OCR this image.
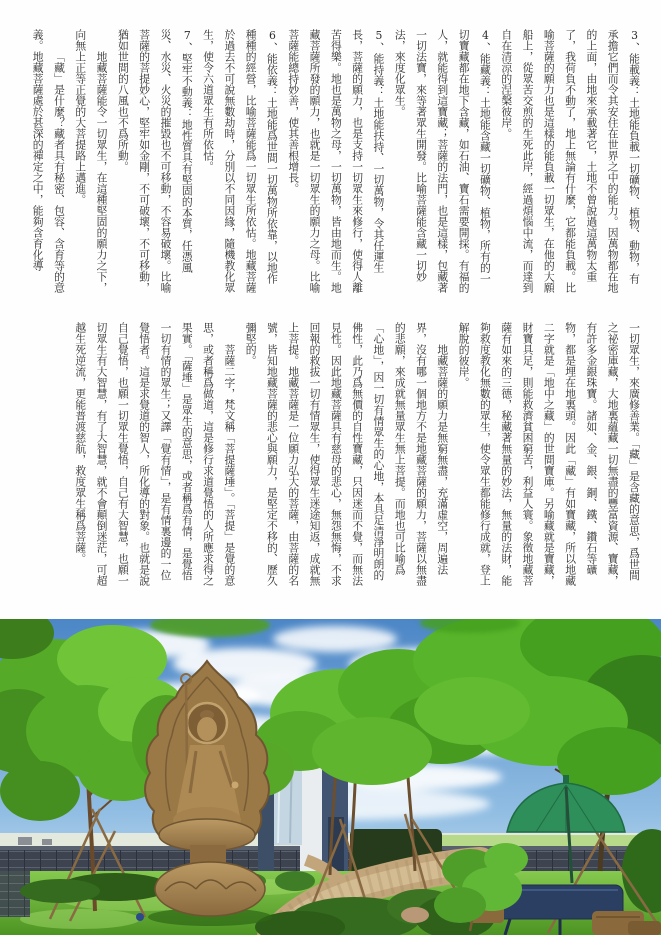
3、能載義：土地能負載一切礦物、植物、動物，有承擔它們而令其安住在世界之中的能力。因萬物都在地的上面，由地來承載著它，土地不曾說過這萬物太重了，我荷負不動了，地上無論有什麼，它都能負載。比喻菩薩的願力也是這樣的能負載一切眾生，在他的大願船上，從眾苦交煎的生死此岸，經過煩惱中流，而達到自在清涼的涅槃彼岸。

4、能藏義：土地能含藏一切礦物、植物，所有的一切寶藏都在地下含藏，如石油、寶石需要開採。有福的人，就能得到這寶藏；菩薩的法門，也是這樣，包藏著一切法寶，來等著眾生開發。比喻菩薩能含藏一切妙法，來度化眾生。

5、能持義：土地能扶持、一切萬物，令其任運生長，菩薩的願力，也是支持一切眾生來修行，使得人離苦得樂。地也是萬物之母，一切萬物，皆由地而生。地藏菩薩所發的願力，也就是一切眾生的願力之母。比喻菩薩能總持妙善，使其善根增長。

6、能依義：土地能爲世間一切萬物所依靠，以地作種種的經營，比喻菩薩能爲一切眾生所依怙。地藏菩薩於過去不可說無數劫時，分別以不同因緣，隨機教化眾生，使令六道眾生有所依怙。

7、堅牢不動義：地性質具有堅固的本質，任憑風災、水災、火災的摧毀也不可移動，不容易破壞。比喻菩薩的菩提妙心，堅牢如金剛，不可破壞，不可移動，猶如世間的八風也不爲所動。

地藏菩薩能令一切眾生，在這種堅固的願力之下，向無上正等正覺的大菩提路上邁進。

「藏」是什麼？藏者具有秘密、包容、含育等的意義。地藏菩薩處於甚深的禪定之中，能夠含育化導

一切眾生，來廣修善業。「藏」是含藏的意思，爲世間之祕密庫藏，大地裏蘊藏一切無盡的豐富資源、寶藏，有許多金銀珠寶。諸如、金、銀、銅、鐵、鑽石等礦物，都是埋在地裏頭。因此「藏」有如寶藏，所以地藏二字就是「地中之藏」的世間寶庫。另喻藏就是寶藏，財寶具足，則能救濟貧困窮苦，利益人寰。象徵地藏菩薩有如來的三德，秘藏著無量的妙法，無量的法財，能夠救度教化無數的眾生，使令眾生都能修行成就，登上解脫的彼岸。

地藏菩薩的願力是無窮無盡，充滿虛空，周遍法界，沒有哪一個地方不是地藏菩薩的願力，菩薩以無盡的悲願，來成就無量眾生無上菩提。而地也可比喻爲「心地」，因一切有情眾生的心地，本具足清淨明朗的佛性，此乃爲無價的自性寶藏，只因迷而不覺，而無法見性。因此地藏菩薩具有慈母的悲心，無怨無悔，不求回報的救拔一切有情眾生，使得眾生迷途知返，成就無上菩提。地藏菩薩是一位願力弘大的菩薩，由菩薩的名號，皆知地藏菩薩的悲心與願力，是堅定不移的、歷久彌堅的。

菩薩二字，梵文稱「菩提薩埵」。「菩提」是覺的意思，或者稱爲做道，這是修行求道覺悟的人所應求得之果實。「薩埵」是眾生的意思，或者稱爲有情，是覺悟一切有情的眾生；又譯「覺有情」，是有情裏邊的一位覺悟者。這是求覺道的智人，所化導的對象。也就是說自己覺悟，也願一切眾生覺悟，自己有大智慧，也願一切眾生有大智慧，有了大智慧，就不會顛倒迷茫，可超越生死逆流，更能普渡慈航，救度眾生稱爲菩薩。
